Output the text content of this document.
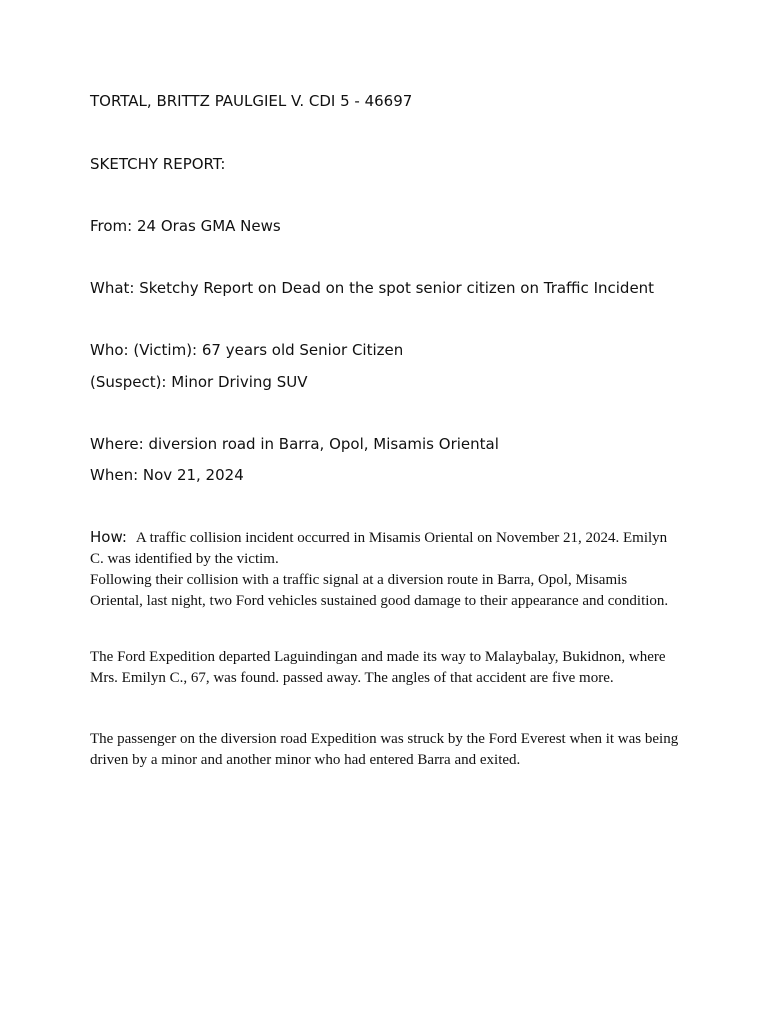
TORTAL, BRITTZ PAULGIEL V. CDI 5 - 46697

SKETCHY REPORT:

From: 24 Oras GMA News

What: Sketchy Report on Dead on the spot senior citizen on Traffic Incident

Who: (Victim): 67 years old Senior Citizen

(Suspect): Minor Driving SUV

Where: diversion road in Barra, Opol, Misamis Oriental

When: Nov 21, 2024

How: A traffic collision incident occurred in Misamis Oriental on November 21, 2024. Emilyn C. was identified by the victim.
Following their collision with a traffic signal at a diversion route in Barra, Opol, Misamis Oriental, last night, two Ford vehicles sustained good damage to their appearance and condition.

The Ford Expedition departed Laguindingan and made its way to Malaybalay, Bukidnon, where Mrs. Emilyn C., 67, was found. passed away. The angles of that accident are five more.

The passenger on the diversion road Expedition was struck by the Ford Everest when it was being driven by a minor and another minor who had entered Barra and exited.
